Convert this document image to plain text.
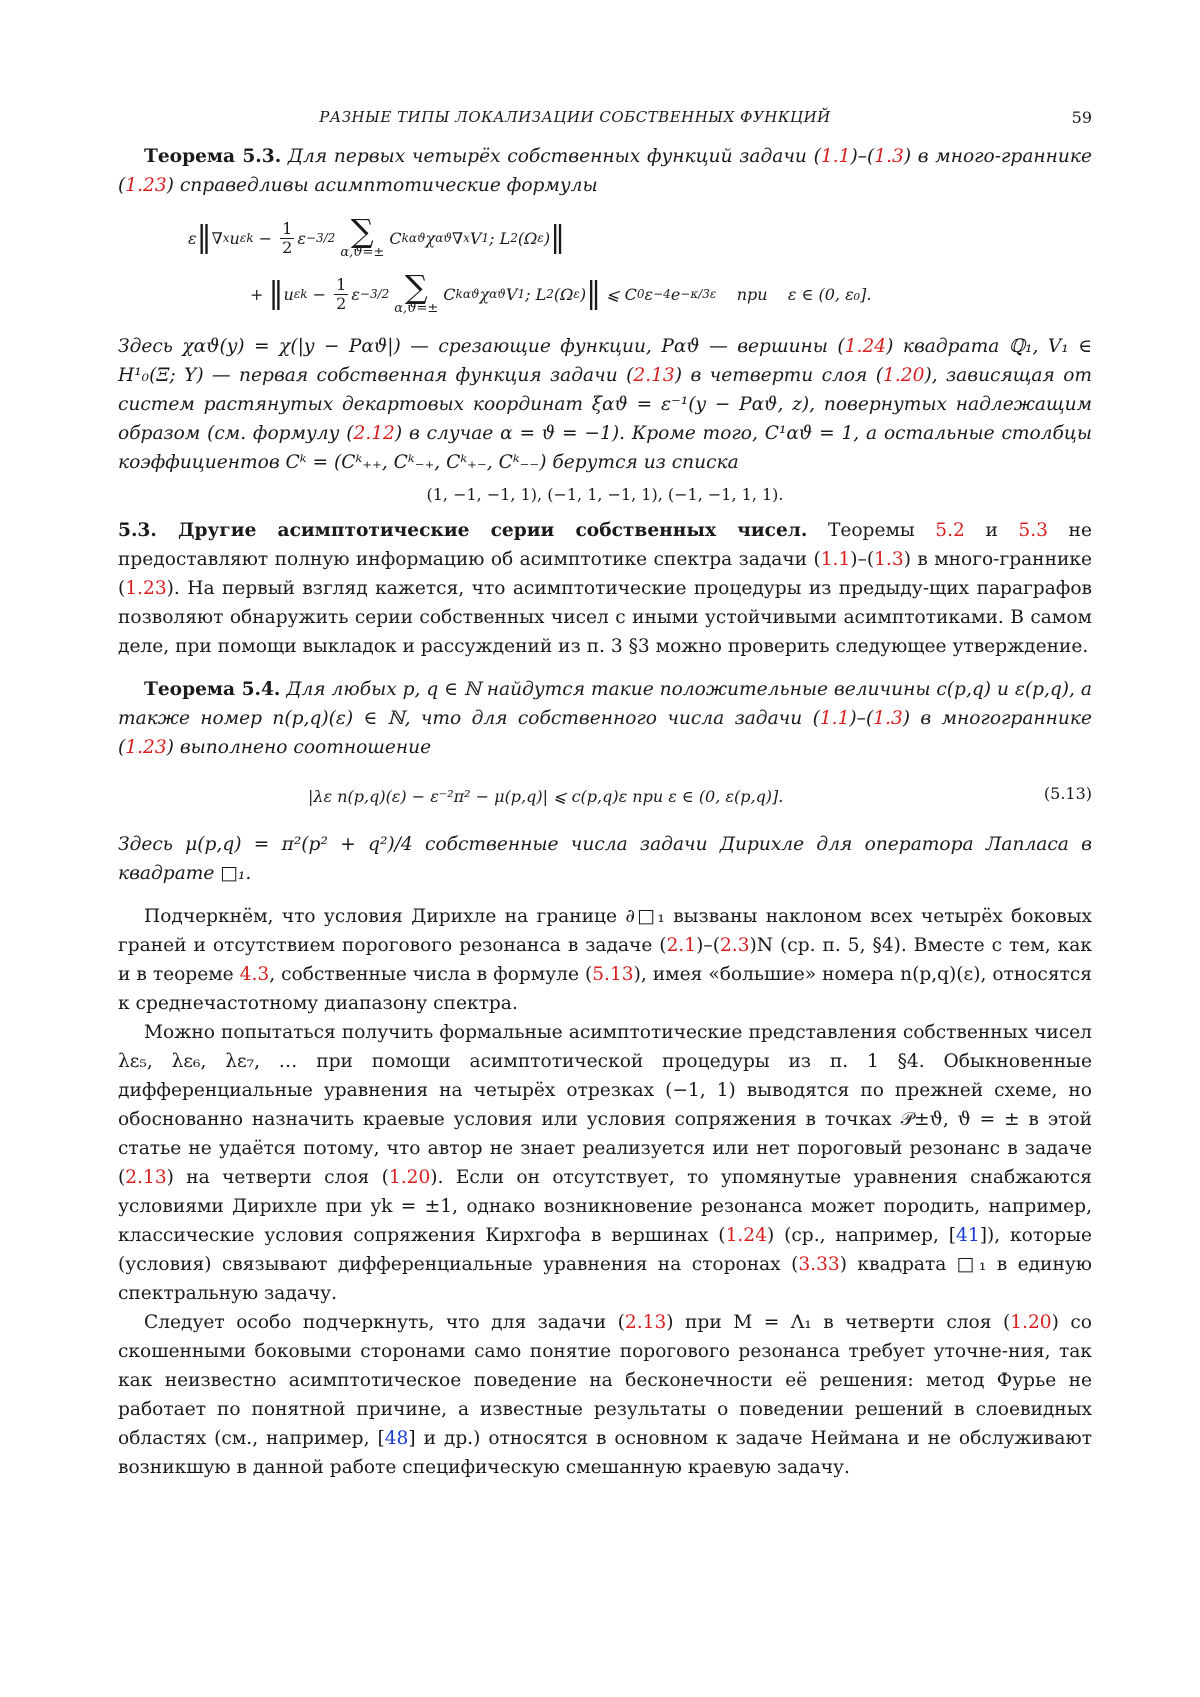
РАЗНЫЕ ТИПЫ ЛОКАЛИЗАЦИИ СОБСТВЕННЫХ ФУНКЦИЙ	59

Теорема 5.3. Для первых четырёх собственных функций задачи (1.1)–(1.3) в много-граннике (1.23) справедливы асимптотические формулы

ε ‖ ∇ x u ε $k - \frac{1}{2}$ ε −3/2 ∑
α,ϑ=±
C k αϑ χ αϑ ∇ x V 1 ; L 2 (Ω ε ) ‖
+ ‖ u ε $k - \frac{1}{2}$ ε −3/2 ∑
α,ϑ=±
C k αϑ χ αϑ V 1 ; L 2 (Ω ε ) ‖ ⩽ C 0 ε −4 e −κ/3ε
при
ε ∈ (0, ε₀].

Здесь χαϑ(y) = χ(|y − Pαϑ|) — срезающие функции, Pαϑ — вершины (1.24) квадрата ℚ₁, V₁ ∈ H¹₀(Ξ; Υ) — первая собственная функция задачи (2.13) в четверти слоя (1.20), зависящая от систем растянутых декартовых координат ξαϑ = ε⁻¹(y − Pαϑ, z), повернутых надлежащим образом (см. формулу (2.12) в случае α = ϑ = −1). Кроме того, C¹αϑ = 1, а остальные столбцы коэффициентов Cᵏ = (Cᵏ₊₊, Cᵏ₋₊, Cᵏ₊₋, Cᵏ₋₋) берутся из списка

(1, −1, −1, 1), (−1, 1, −1, 1), (−1, −1, 1, 1).

5.3. Другие асимптотические серии собственных чисел. Теоремы 5.2 и 5.3 не предоставляют полную информацию об асимптотике спектра задачи (1.1)–(1.3) в много-граннике (1.23). На первый взгляд кажется, что асимптотические процедуры из предыду-щих параграфов позволяют обнаружить серии собственных чисел с иными устойчивыми асимптотиками. В самом деле, при помощи выкладок и рассуждений из п. 3 §3 можно проверить следующее утверждение.

Теорема 5.4. Для любых p, q ∈ ℕ найдутся такие положительные величины c(p,q) и ε(p,q), а также номер n(p,q)(ε) ∈ ℕ, что для собственного числа задачи (1.1)–(1.3) в многограннике (1.23) выполнено соотношение

|λε n(p,q)(ε) − ε⁻²π² − μ(p,q)| ⩽ c(p,q)ε при ε ∈ (0, ε(p,q)].	(5.13)

Здесь μ(p,q) = π²(p² + q²)/4 собственные числа задачи Дирихле для оператора Лапласа в квадрате □₁.

Подчеркнём, что условия Дирихле на границе ∂□₁ вызваны наклоном всех четырёх боковых граней и отсутствием порогового резонанса в задаче (2.1)–(2.3)N (ср. п. 5, §4). Вместе с тем, как и в теореме 4.3, собственные числа в формуле (5.13), имея «большие» номера n(p,q)(ε), относятся к среднечастотному диапазону спектра.

Можно попытаться получить формальные асимптотические представления собственных чисел λε₅, λε₆, λε₇, … при помощи асимптотической процедуры из п. 1 §4. Обыкновенные дифференциальные уравнения на четырёх отрезках (−1, 1) выводятся по прежней схеме, но обоснованно назначить краевые условия или условия сопряжения в точках 𝒫±ϑ, ϑ = ± в этой статье не удаётся потому, что автор не знает реализуется или нет пороговый резонанс в задаче (2.13) на четверти слоя (1.20). Если он отсутствует, то упомянутые уравнения снабжаются условиями Дирихле при yk = ±1, однако возникновение резонанса может породить, например, классические условия сопряжения Кирхгофа в вершинах (1.24) (ср., например, [41]), которые (условия) связывают дифференциальные уравнения на сторонах (3.33) квадрата □₁ в единую спектральную задачу.

Следует особо подчеркнуть, что для задачи (2.13) при M = Λ₁ в четверти слоя (1.20) со скошенными боковыми сторонами само понятие порогового резонанса требует уточне-ния, так как неизвестно асимптотическое поведение на бесконечности её решения: метод Фурье не работает по понятной причине, а известные результаты о поведении решений в слоевидных областях (см., например, [48] и др.) относятся в основном к задаче Неймана и не обслуживают возникшую в данной работе специфическую смешанную краевую задачу.
